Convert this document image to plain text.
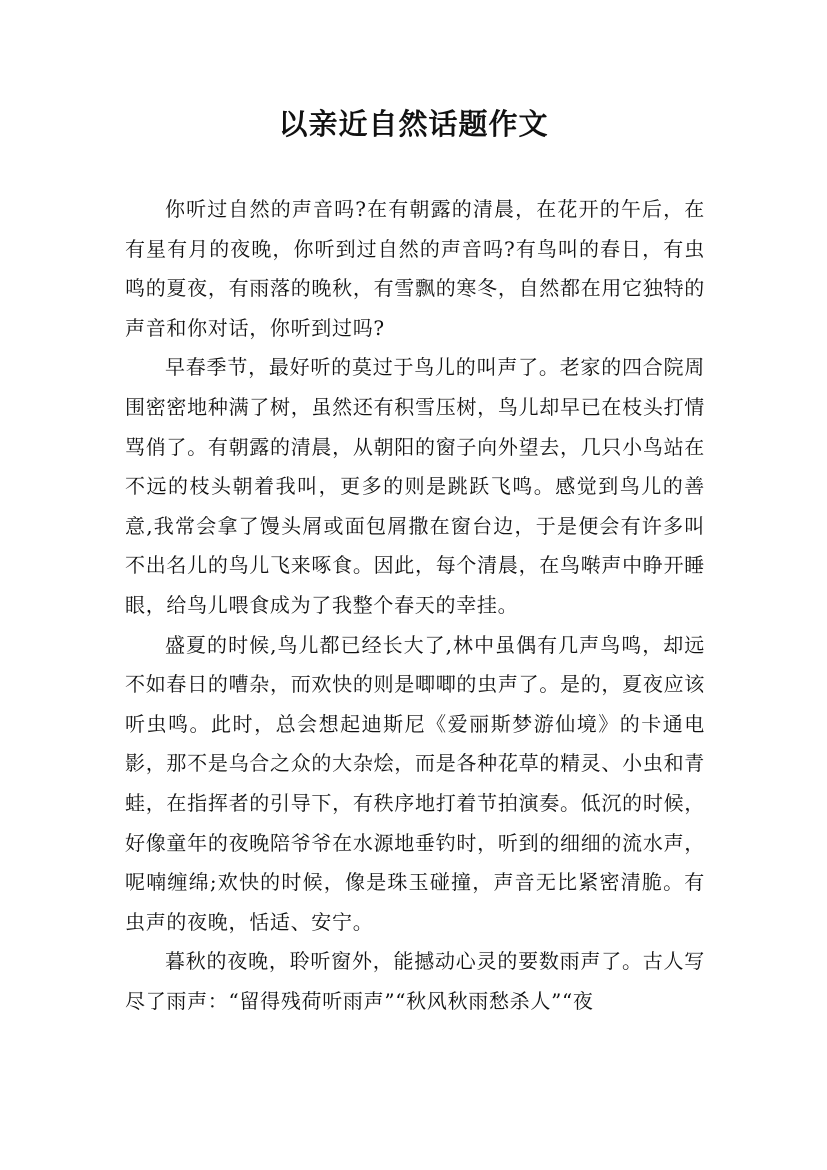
以亲近自然话题作文

你听过自然的声音吗?在有朝露的清晨，在花开的午后，在有星有月的夜晚，你听到过自然的声音吗?有鸟叫的春日，有虫鸣的夏夜，有雨落的晚秋，有雪飘的寒冬，自然都在用它独特的声音和你对话，你听到过吗?

早春季节，最好听的莫过于鸟儿的叫声了。老家的四合院周围密密地种满了树，虽然还有积雪压树，鸟儿却早已在枝头打情骂俏了。有朝露的清晨，从朝阳的窗子向外望去，几只小鸟站在不远的枝头朝着我叫，更多的则是跳跃飞鸣。感觉到鸟儿的善意,我常会拿了馒头屑或面包屑撒在窗台边，于是便会有许多叫不出名儿的鸟儿飞来啄食。因此，每个清晨，在鸟啭声中睁开睡眼，给鸟儿喂食成为了我整个春天的幸挂。

盛夏的时候,鸟儿都已经长大了,林中虽偶有几声鸟鸣，却远不如春日的嘈杂，而欢快的则是唧唧的虫声了。是的，夏夜应该听虫鸣。此时，总会想起迪斯尼《爱丽斯梦游仙境》的卡通电影，那不是乌合之众的大杂烩，而是各种花草的精灵、小虫和青蛙，在指挥者的引导下，有秩序地打着节拍演奏。低沉的时候，好像童年的夜晚陪爷爷在水源地垂钓时，听到的细细的流水声，呢喃缠绵;欢快的时候，像是珠玉碰撞，声音无比紧密清脆。有虫声的夜晚，恬适、安宁。

暮秋的夜晚，聆听窗外，能撼动心灵的要数雨声了。古人写尽了雨声：“留得残荷听雨声”“秋风秋雨愁杀人”“夜
